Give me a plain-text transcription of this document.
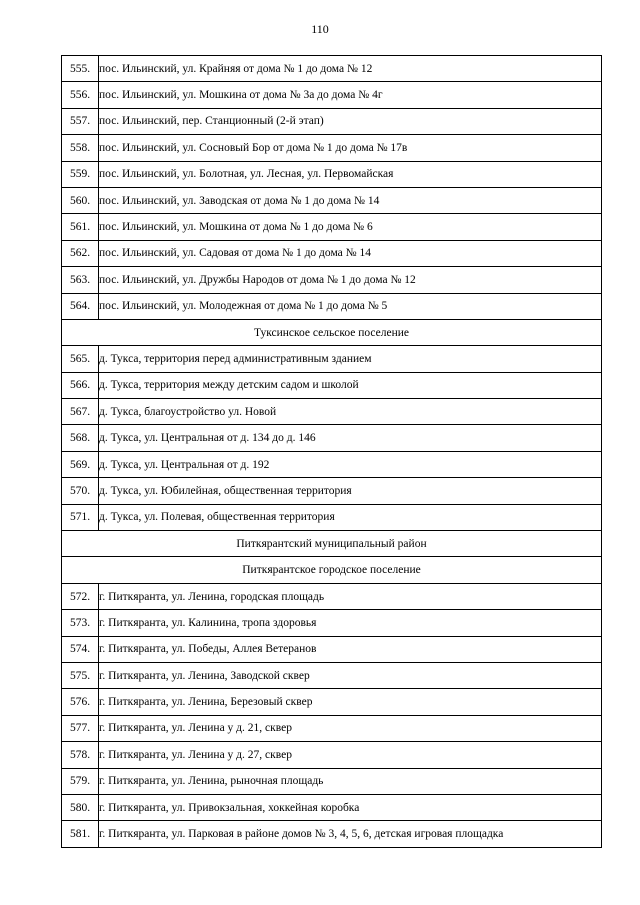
110
555.	пос. Ильинский, ул. Крайняя от дома № 1 до дома № 12
556.	пос. Ильинский, ул. Мошкина от дома № 3а до дома № 4г
557.	пос. Ильинский, пер. Станционный (2-й этап)
558.	пос. Ильинский, ул. Сосновый Бор от дома № 1 до дома № 17в
559.	пос. Ильинский, ул. Болотная, ул. Лесная, ул. Первомайская
560.	пос. Ильинский, ул. Заводская от дома № 1 до дома № 14
561.	пос. Ильинский, ул. Мошкина от дома № 1 до дома № 6
562.	пос. Ильинский, ул. Садовая от дома № 1 до дома № 14
563.	пос. Ильинский, ул. Дружбы Народов от дома № 1 до дома № 12
564.	пос. Ильинский, ул. Молодежная от дома № 1 до дома № 5
Туксинское сельское поселение	
565.	д. Тукса, территория перед административным зданием
566.	д. Тукса, территория между детским садом и школой
567.	д. Тукса, благоустройство ул. Новой
568.	д. Тукса, ул. Центральная от д. 134 до д. 146
569.	д. Тукса, ул. Центральная от д. 192
570.	д. Тукса, ул. Юбилейная, общественная территория
571.	д. Тукса, ул. Полевая, общественная территория
Питкярантский муниципальный район	
Питкярантское городское поселение	
572.	г. Питкяранта, ул. Ленина, городская площадь
573.	г. Питкяранта, ул. Калинина, тропа здоровья
574.	г. Питкяранта, ул. Победы, Аллея Ветеранов
575.	г. Питкяранта, ул. Ленина, Заводской сквер
576.	г. Питкяранта, ул. Ленина, Березовый сквер
577.	г. Питкяранта, ул. Ленина у д. 21, сквер
578.	г. Питкяранта, ул. Ленина у д. 27, сквер
579.	г. Питкяранта, ул. Ленина, рыночная площадь
580.	г. Питкяранта, ул. Привокзальная, хоккейная коробка
581.	г. Питкяранта, ул. Парковая в районе домов № 3, 4, 5, 6, детская игровая площадка
